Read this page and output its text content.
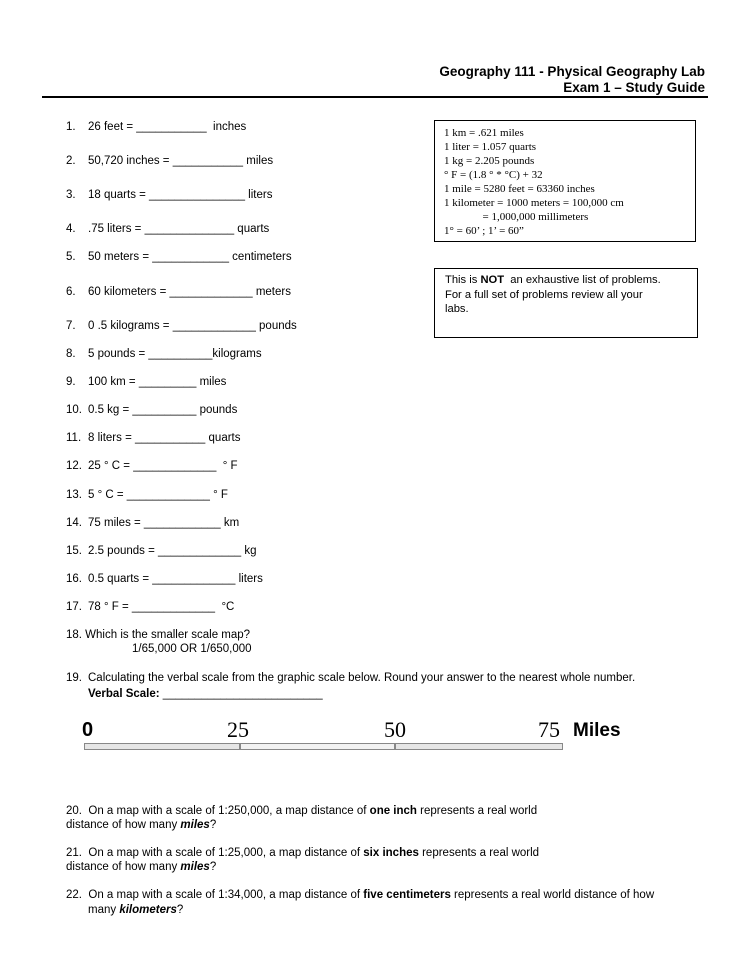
Geography 111 - Physical Geography Lab
Exam 1 – Study Guide
1 km = .621 miles
1 liter = 1.057 quarts
1 kg = 2.205 pounds
° F = (1.8 ° * °C) + 32
1 mile = 5280 feet = 63360 inches
1 kilometer = 1000 meters = 100,000 cm
= 1,000,000 millimeters
1° = 60’ ; 1’ = 60”
This is NOT  an exhaustive list of problems.
For a full set of problems review all your
labs.
1. 26 feet = ___________  inches
2. 50,720 inches = ___________ miles
3. 18 quarts = _______________ liters
4. .75 liters = ______________ quarts
5. 50 meters = ____________ centimeters
6. 60 kilometers = _____________ meters
7. 0 .5 kilograms = _____________ pounds
8. 5 pounds = __________kilograms
9. 100 km = _________ miles
10. 0.5 kg = __________ pounds
11. 8 liters = ___________ quarts
12. 25 ° C = _____________  ° F
13. 5 ° C = _____________ ° F
14. 75 miles = ____________ km
15. 2.5 pounds = _____________ kg
16. 0.5 quarts = _____________ liters
17. 78 ° F = _____________  °C
18. Which is the smaller scale map?
1/65,000 OR 1/650,000
19. Calculating the verbal scale from the graphic scale below. Round your answer to the nearest whole number.
Verbal Scale: _________________________
0	25	50	75 Miles
20. On a map with a scale of 1:250,000, a map distance of one inch represents a real world
distance of how many miles?
21. On a map with a scale of 1:25,000, a map distance of six inches represents a real world
distance of how many miles?
22. On a map with a scale of 1:34,000, a map distance of five centimeters represents a real world distance of how
many kilometers?
